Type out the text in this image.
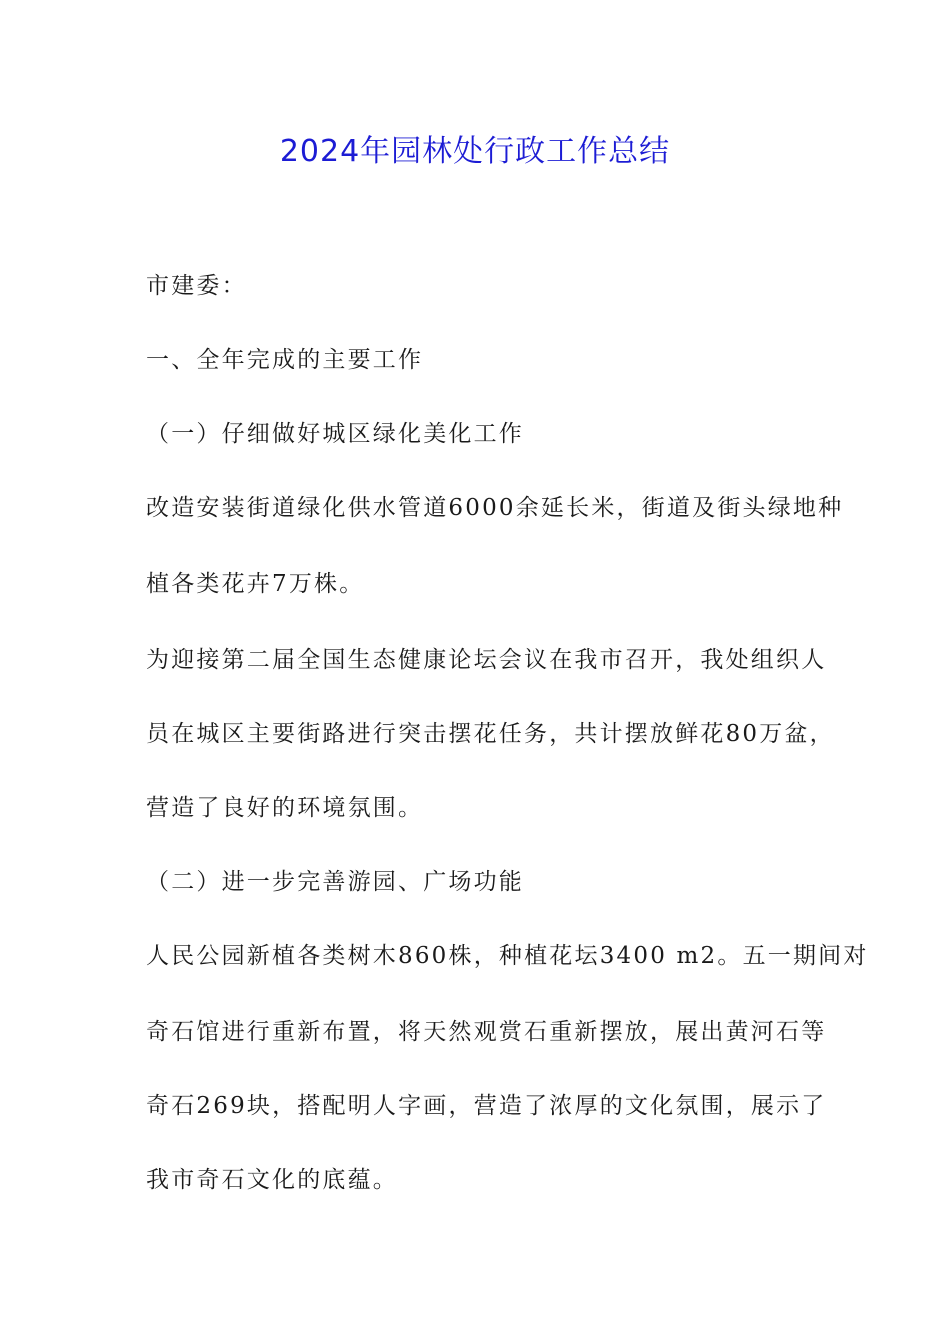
2024年园林处行政工作总结
市建委：
一、全年完成的主要工作
（一）仔细做好城区绿化美化工作
改造安装街道绿化供水管道6000余延长米，街道及街头绿地种
植各类花卉7万株。
为迎接第二届全国生态健康论坛会议在我市召开，我处组织人
员在城区主要街路进行突击摆花任务，共计摆放鲜花80万盆，
营造了良好的环境氛围。
（二）进一步完善游园、广场功能
人民公园新植各类树木860株，种植花坛3400 m2。五一期间对
奇石馆进行重新布置，将天然观赏石重新摆放，展出黄河石等
奇石269块，搭配明人字画，营造了浓厚的文化氛围，展示了
我市奇石文化的底蕴。
